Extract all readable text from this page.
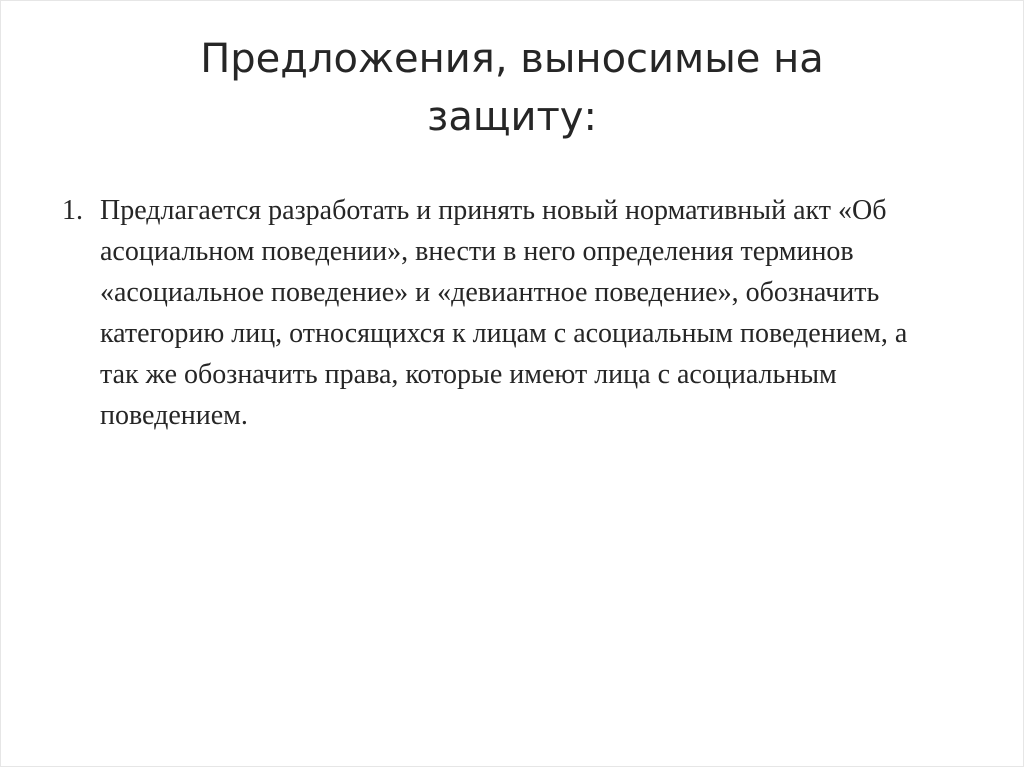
Предложения, выносимые на защиту:
1. Предлагается разработать и принять новый нормативный акт «Об асоциальном поведении», внести в него определения терминов «асоциальное поведение» и «девиантное поведение», обозначить категорию лиц, относящихся к лицам с асоциальным поведением, а так же обозначить права, которые имеют лица с асоциальным поведением.
